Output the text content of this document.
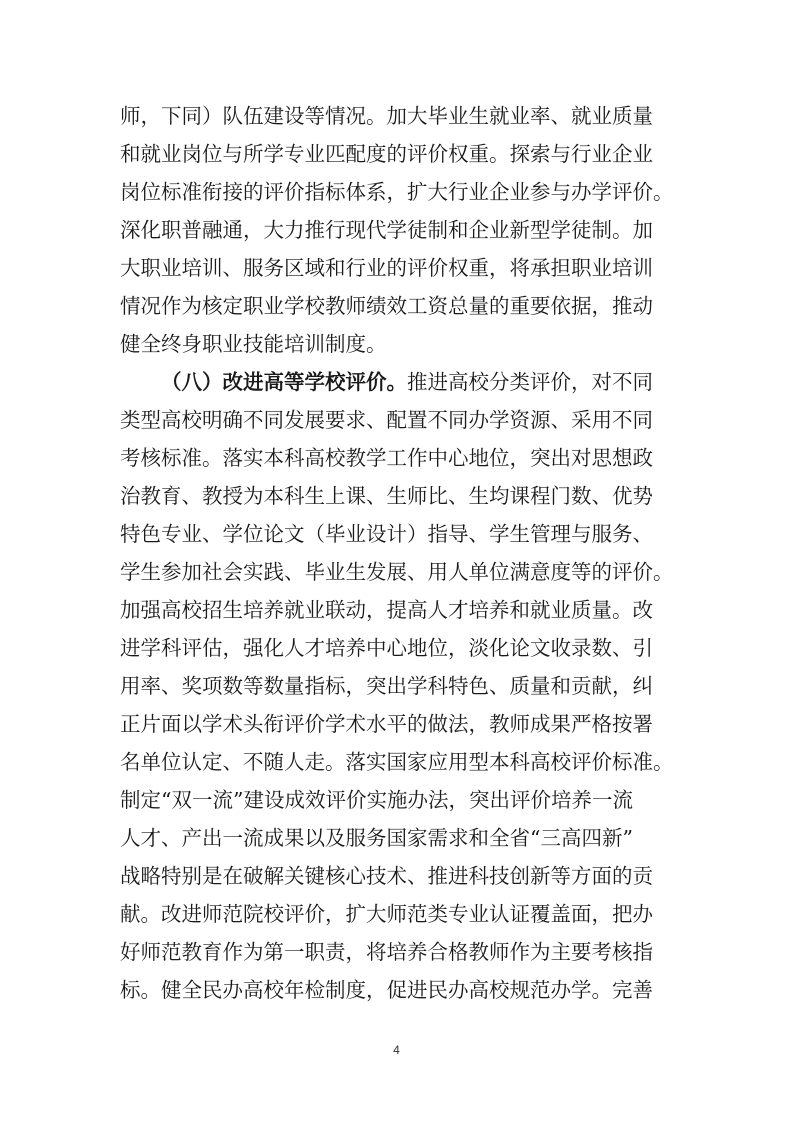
师，下同）队伍建设等情况。加大毕业生就业率、就业质量
和就业岗位与所学专业匹配度的评价权重。探索与行业企业
岗位标准衔接的评价指标体系，扩大行业企业参与办学评价。
深化职普融通，大力推行现代学徒制和企业新型学徒制。加
大职业培训、服务区域和行业的评价权重，将承担职业培训
情况作为核定职业学校教师绩效工资总量的重要依据，推动
健全终身职业技能培训制度。
（八）改进高等学校评价。推进高校分类评价，对不同
类型高校明确不同发展要求、配置不同办学资源、采用不同
考核标准。落实本科高校教学工作中心地位，突出对思想政
治教育、教授为本科生上课、生师比、生均课程门数、优势
特色专业、学位论文（毕业设计）指导、学生管理与服务、
学生参加社会实践、毕业生发展、用人单位满意度等的评价。
加强高校招生培养就业联动，提高人才培养和就业质量。改
进学科评估，强化人才培养中心地位，淡化论文收录数、引
用率、奖项数等数量指标，突出学科特色、质量和贡献，纠
正片面以学术头衔评价学术水平的做法，教师成果严格按署
名单位认定、不随人走。落实国家应用型本科高校评价标准。
制定“双一流”建设成效评价实施办法，突出评价培养一流
人才、产出一流成果以及服务国家需求和全省“三高四新”
战略特别是在破解关键核心技术、推进科技创新等方面的贡
献。改进师范院校评价，扩大师范类专业认证覆盖面，把办
好师范教育作为第一职责，将培养合格教师作为主要考核指
标。健全民办高校年检制度，促进民办高校规范办学。完善
4
